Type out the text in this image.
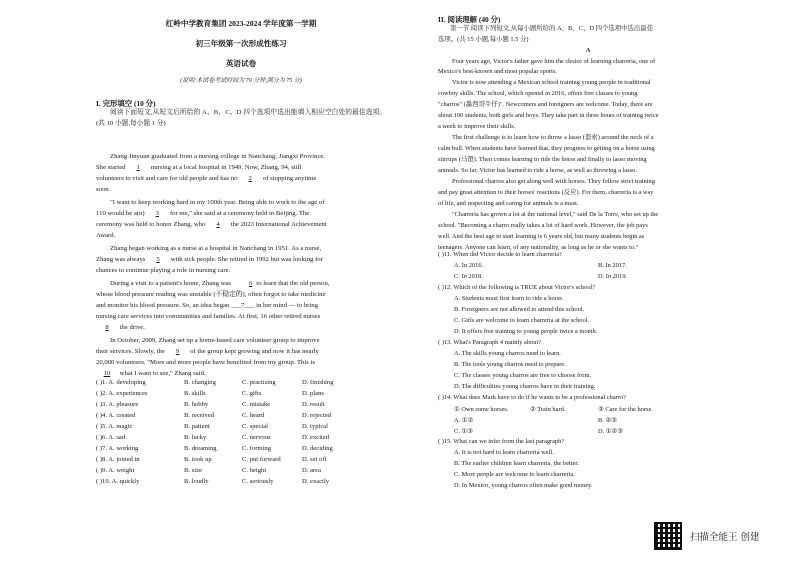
红岭中学教育集团 2023-2024 学年度第一学期
初三年级第一次形成性练习
英语试卷
(说明:本试卷考试时间为 70 分钟,满分为 75 分)
I. 完形填空 (10 分)
阅读下面短文,从短文后所给的 A、B、C、D 四个选项中选出能填入相应空白处的最佳选项。(共 10 小题,每小题 1 分)
Zhang Jinyuan graduated from a nursing college in Nanchang, Jiangxi Province.
She started 1 nursing at a local hospital in 1949. Now, Zhang, 94, still
volunteers to visit and care for old people and has no 2 of stopping anytime
soon.
"I want to keep working hard in my 100th year. Being able to work to the age of
110 would be a(n) 3 for me," she said at a ceremony held in Beijing. The
ceremony was held to honor Zhang, who 4 the 2023 International Achievement
Award.
Zhang began working as a nurse at a hospital in Nanchang in 1951. As a nurse,
Zhang was always 5 with sick people. She retired in 1992 but was looking for
chances to continue playing a role in nursing care.
During a visit to a patient's home, Zhang was 6 to learn that the old person,
whose blood pressure reading was unstable (不稳定的), often forgot to take medicine
and monitor his blood pressure. So, an idea began ___7___ in her mind — to bring
nursing care services into communities and families. At first, 16 other retired nurses
8 the drive.
In October, 2009, Zhang set up a home-based care volunteer group to improve
their services. Slowly, the 9 of the group kept growing and now it has nearly
20,000 volunteers. "More and more people have benefited from my group. This is
10 what I want to see," Zhang said.
( )1. A. developing	B. changing	C. practising	D. finishing
( )2. A. experiences	B. skills	C. gifts	D. plans
( )3. A. pleasure	B. hobby	C. mistake	D. result
( )4. A. created	B. received	C. heard	D. rejected
( )5. A. magic	B. patient	C. special	D. typical
( )6. A. sad	B. lucky	C. nervous	D. excited
( )7. A. working	B. dreaming	C. forming	D. deciding
( )8. A. joined in	B. took up	C. put forward	D. set off
( )9. A. weight	B. size	C. height	D. area
( )10. A. quickly	B. loudly	C. seriously	D. exactly
II. 阅读理解 (40 分)
第一节 阅读下列短文,从每小题所给的 A、B、C、D 四个选项中选出最佳
选项。(共 15 小题,每小题 1.5 分)
A
Four years ago, Victor's father gave him the choice of learning charreria, one of
Mexico's best-known and most popular sports.
Victor is now attending a Mexican school training young people in traditional
cowboy skills. The school, which opened in 2016, offers free classes to young
"charros" (墨西哥牛仔)". Newcomers and foreigners are welcome. Today, there are
about 100 students, both girls and boys. They take part in three hours of training twice
a week to improve their skills.
The first challenge is to learn how to throw a lasso (套索) around the neck of a
calm bull. When students have learned that, they progress to getting on a horse using
stirrups (马镫). Then comes learning to ride the horse and finally to lasso moving
animals. So far, Victor has learned to ride a horse, as well as throwing a lasso.
Professional charros also get along well with horses. They follow strict training
and pay great attention to their horses' reactions (反应). For them, charreria is a way
of life, and respecting and caring for animals is a must.
"Charreria has grown a lot at the national level," said De la Torre, who set up the
school. "Becoming a charro really takes a lot of hard work. However, the job pays
well. And the best age to start learning is 6 years old, but many students begin as
teenagers. Anyone can learn, of any nationality, as long as he or she wants to."
( )11. When did Victor decide to learn charreria?
A. In 2016.	B. In 2017.
C. In 2018.	D. In 2019.
( )12. Which of the following is TRUE about Victor's school?
A. Students must first learn to ride a horse.
B. Foreigners are not allowed to attend this school.
C. Girls are welcome to learn charreria at the school.
D. It offers free training to young people twice a month.
( )13. What's Paragraph 4 mainly about?
A. The skills young charros need to learn.
B. The tools young charros need to prepare.
C. The classes young charros are free to choose from.
D. The difficulties young charros have in their training.
( )14. What does Mark have to do if he wants to be a professional charro?
① Own some horses.	② Train hard.	③ Care for the horse.
A. ①②	B. ②③
C. ①③	D. ①②③
( )15. What can we infer from the last paragraph?
A. It is not hard to learn charreria well.
B. The earlier children learn charreria, the better.
C. More people are welcome to learn charreria.
D. In Mexico, young charros often make good money.
扫描全能王 创建
